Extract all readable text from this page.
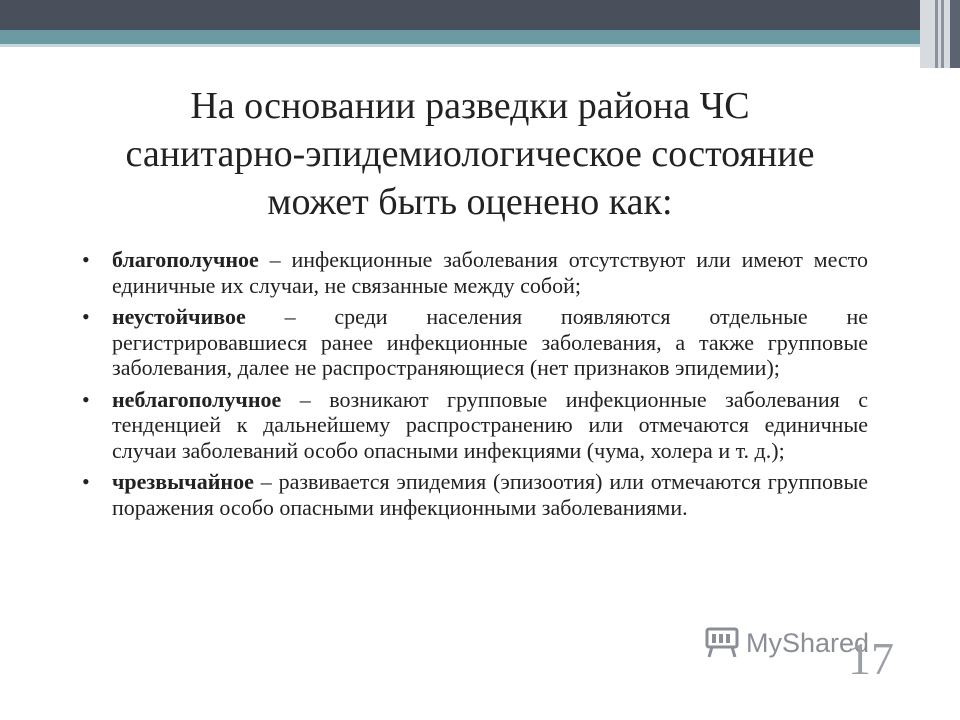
На основании разведки района ЧС
санитарно-эпидемиологическое состояние
может быть оценено как:
• благополучное – инфекционные заболевания отсутствуют или имеют место единичные их случаи, не связанные между собой;
• неустойчивое – среди населения появляются отдельные не регистрировавшиеся ранее инфекционные заболевания, а также групповые заболевания, далее не распространяющиеся (нет признаков эпидемии);
• неблагополучное – возникают групповые инфекционные заболевания с тенденцией к дальнейшему распространению или отмечаются единичные случаи заболеваний особо опасными инфекциями (чума, холера и т. д.);
• чрезвычайное – развивается эпидемия (эпизоотия) или отмечаются групповые поражения особо опасными инфекционными заболеваниями.
MyShared
17
